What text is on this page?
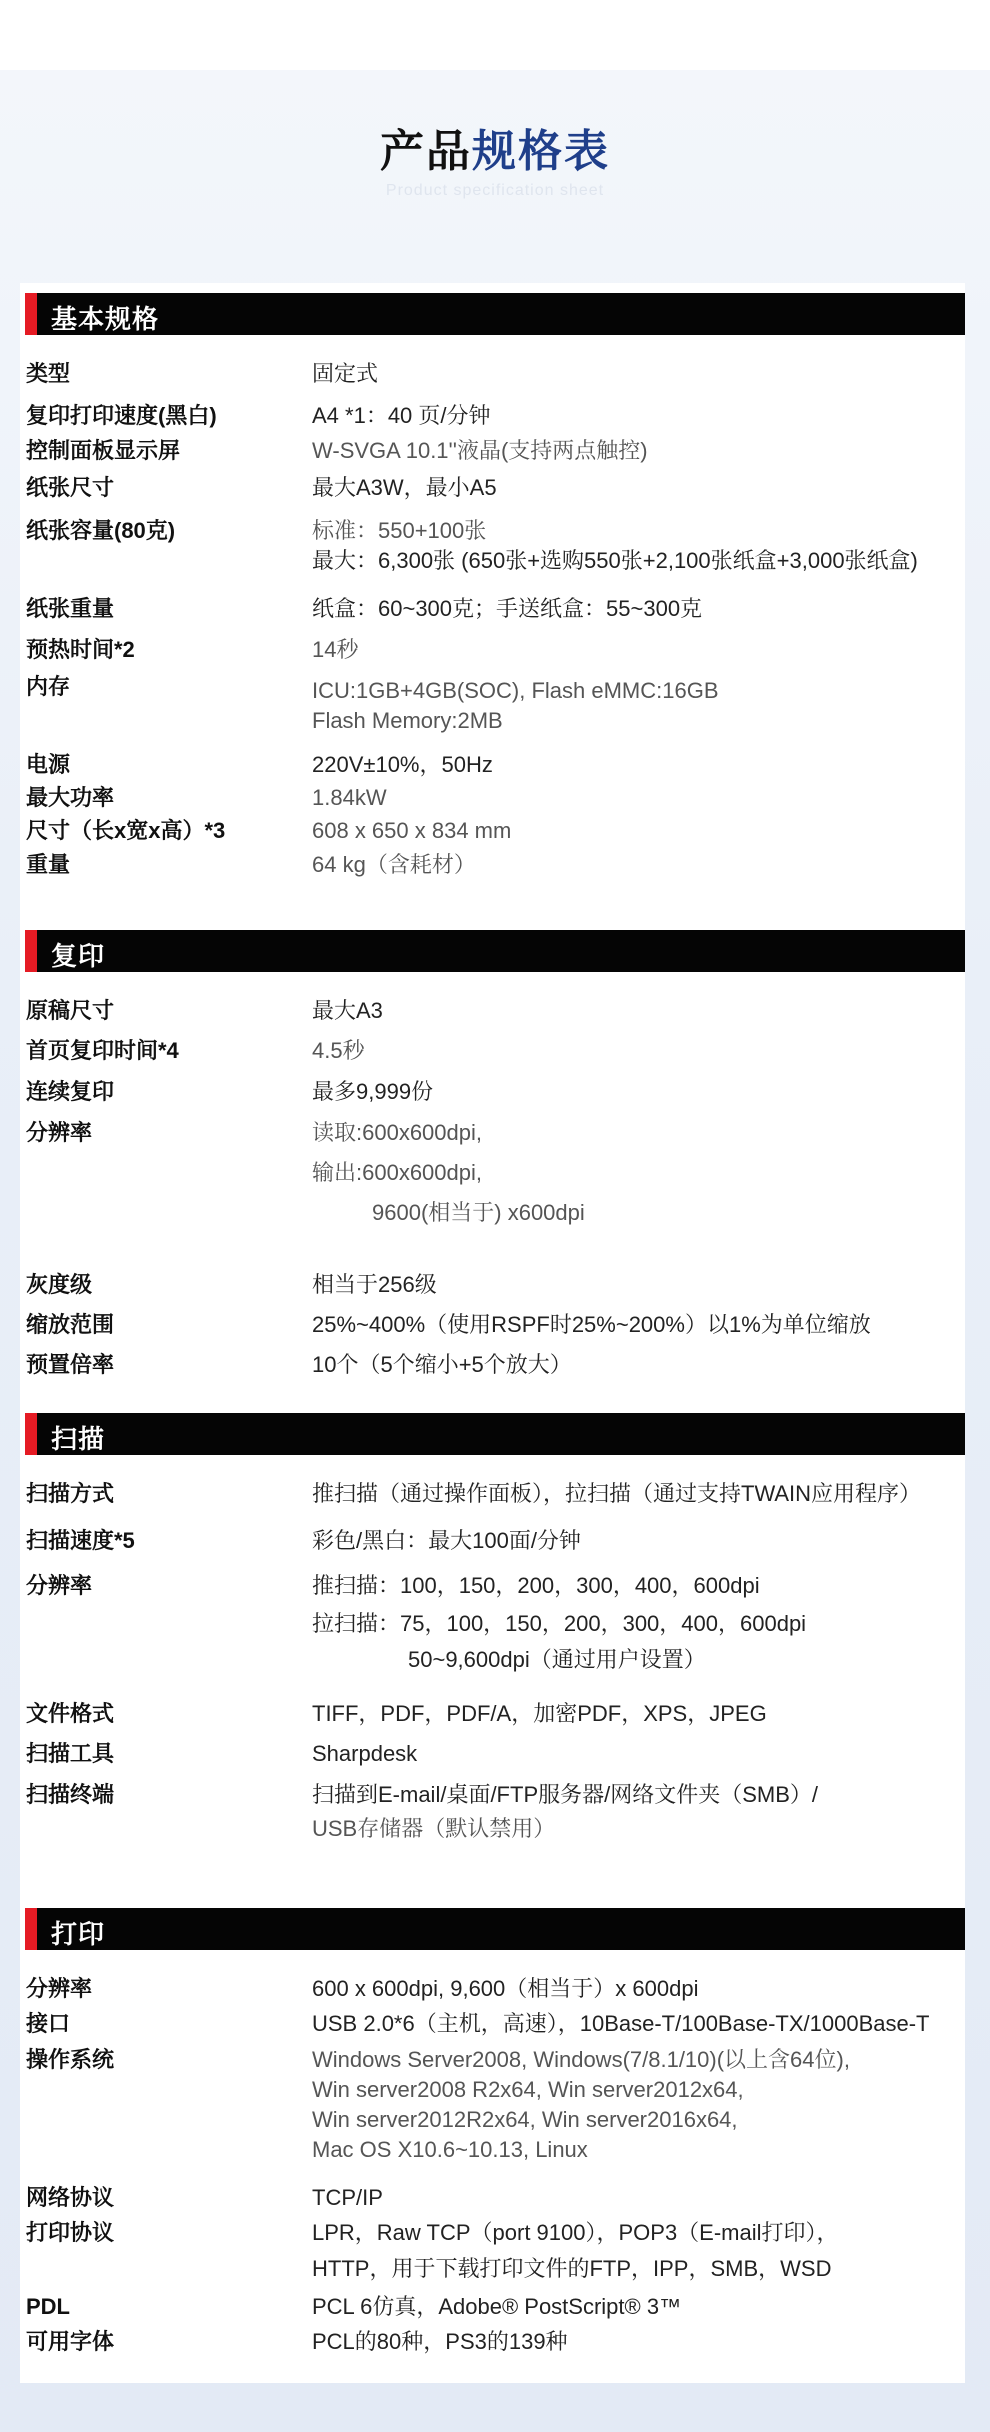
产品规格表
Product specification sheet
基本规格
类型	固定式
复印打印速度(黑白)	A4 *1：40 页/分钟
控制面板显示屏	W-SVGA 10.1''液晶(支持两点触控)
纸张尺寸	最大A3W，最小A5
纸张容量(80克)	标准：550+100张
最大：6,300张 (650张+选购550张+2,100张纸盒+3,000张纸盒)
纸张重量	纸盒：60~300克；手送纸盒：55~300克
预热时间*2	14秒
内存	ICU:1GB+4GB(SOC), Flash eMMC:16GB
Flash Memory:2MB
电源	220V±10%，50Hz
最大功率	1.84kW
尺寸（长x宽x高）*3	608 x 650 x 834 mm
重量	64 kg（含耗材）
复印
原稿尺寸	最大A3
首页复印时间*4	4.5秒
连续复印	最多9,999份
分辨率	读取:600x600dpi,
输出:600x600dpi,
9600(相当于) x600dpi
灰度级	相当于256级
缩放范围	25%~400%（使用RSPF时25%~200%）以1%为单位缩放
预置倍率	10个（5个缩小+5个放大）
扫描
扫描方式	推扫描（通过操作面板），拉扫描（通过支持TWAIN应用程序）
扫描速度*5	彩色/黑白：最大100面/分钟
分辨率	推扫描：100，150，200，300，400，600dpi
拉扫描：75，100，150，200，300，400，600dpi
50~9,600dpi（通过用户设置）
文件格式	TIFF，PDF，PDF/A，加密PDF，XPS，JPEG
扫描工具	Sharpdesk
扫描终端	扫描到E-mail/桌面/FTP服务器/网络文件夹（SMB）/
USB存储器（默认禁用）
打印
分辨率	600 x 600dpi, 9,600（相当于）x 600dpi
接口	USB 2.0*6（主机，高速），10Base-T/100Base-TX/1000Base-T
操作系统	Windows Server2008, Windows(7/8.1/10)(以上含64位),
Win server2008 R2x64, Win server2012x64,
Win server2012R2x64, Win server2016x64,
Mac OS X10.6~10.13, Linux
网络协议	TCP/IP
打印协议	LPR，Raw TCP（port 9100），POP3（E-mail打印），
HTTP，用于下载打印文件的FTP，IPP，SMB，WSD
PDL	PCL 6仿真，Adobe® PostScript® 3™
可用字体	PCL的80种，PS3的139种
